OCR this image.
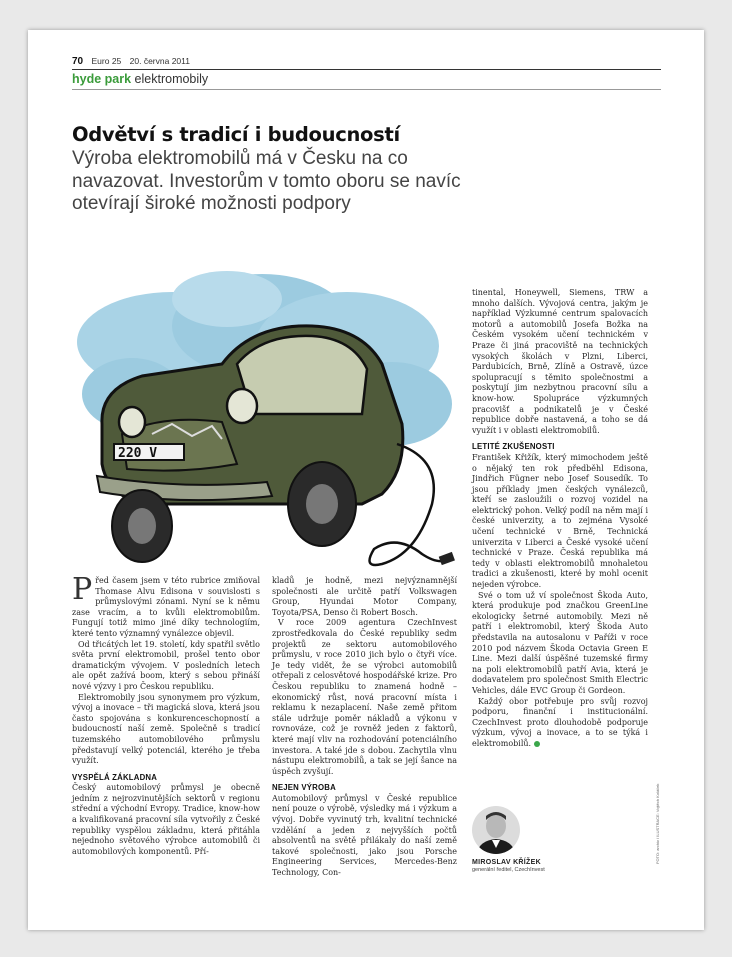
70 Euro 25 20. června 2011
hyde park elektromobily
Odvětví s tradicí i budoucností
Výroba elektromobilů má v Česku na co navazovat. Investorům v tomto oboru se navíc otevírají široké možnosti podpory
220 V

Před časem jsem v této rubrice zmiňoval Thomase Alvu Edisona v souvislosti s průmyslovými zónami. Nyní se k němu zase vracím, a to kvůli elektromobilům. Fungují totiž mimo jiné díky technologiím, které tento významný vynálezce objevil.

Od třicátých let 19. století, kdy spatřil světlo světa první elektromobil, prošel tento obor dramatickým vývojem. V posledních letech ale opět zažívá boom, který s sebou přináší nové výzvy i pro Českou republiku.

Elektromobily jsou synonymem pro výzkum, vývoj a inovace – tři magická slova, která jsou často spojována s konkurenceschopností a budoucností naší země. Společně s tradicí tuzemského automobilového průmyslu představují velký potenciál, kterého je třeba využít.

VYSPĚLÁ ZÁKLADNA

Český automobilový průmysl je obecně jedním z nejrozvinutějších sektorů v regionu střední a východní Evropy. Tradice, know-how a kvalifikovaná pracovní síla vytvořily z České republiky vyspělou základnu, která přitáhla nejednoho světového výrobce automobilů či automobilových komponentů. Pří-

kladů je hodně, mezi nejvýznamnější společnosti ale určitě patří Volkswagen Group, Hyundai Motor Company, Toyota/PSA, Denso či Robert Bosch.

V roce 2009 agentura CzechInvest zprostředkovala do České republiky sedm projektů ze sektoru automobilového průmyslu, v roce 2010 jich bylo o čtyři více. Je tedy vidět, že se výrobci automobilů otřepali z celosvětové hospodářské krize. Pro Českou republiku to znamená hodně – ekonomický růst, nová pracovní místa i reklamu k nezaplacení. Naše země přitom stále udržuje poměr nákladů a výkonu v rovnováze, což je rovněž jeden z faktorů, které mají vliv na rozhodování potenciálního investora. A také jde s dobou. Zachytila vlnu nástupu elektromobilů, a tak se její šance na úspěch zvyšují.

NEJEN VÝROBA

Automobilový průmysl v České republice není pouze o výrobě, výsledky má i výzkum a vývoj. Dobře vyvinutý trh, kvalitní technické vzdělání a jeden z nejvyšších počtů absolventů na světě přilákaly do naší země takové společnosti, jako jsou Porsche Engineering Services, Mercedes-Benz Technology, Con-

tinental, Honeywell, Siemens, TRW a mnoho dalších. Vývojová centra, jakým je například Výzkumné centrum spalovacích motorů a automobilů Josefa Božka na Českém vysokém učení technickém v Praze či jiná pracoviště na technických vysokých školách v Plzni, Liberci, Pardubicích, Brně, Zlíně a Ostravě, úzce spolupracují s těmito společnostmi a poskytují jim nezbytnou pracovní sílu a know-how. Spolupráce výzkumných pracovišť a podnikatelů je v České republice dobře nastavená, a toho se dá využít i v oblasti elektromobilů.

LETITÉ ZKUŠENOSTI

František Křižík, který mimochodem ještě o nějaký ten rok předběhl Edisona, Jindřich Fügner nebo Josef Sousedík. To jsou příklady jmen českých vynálezců, kteří se zasloužili o rozvoj vozidel na elektrický pohon. Velký podíl na něm mají i české univerzity, a to zejména Vysoké učení technické v Brně, Technická univerzita v Liberci a České vysoké učení technické v Praze. Česká republika má tedy v oblasti elektromobilů mnohaletou tradici a zkušenosti, které by mohl ocenit nejeden výrobce.

Své o tom už ví společnost Škoda Auto, která produkuje pod značkou GreenLine ekologicky šetrné automobily. Mezi ně patří i elektromobil, který Škoda Auto představila na autosalonu v Paříži v roce 2010 pod názvem Škoda Octavia Green E Line. Mezi další úspěšné tuzemské firmy na poli elektromobilů patří Avia, která je dodavatelem pro společnost Smith Electric Vehicles, dále EVC Group či Gordeon.

Každý obor potřebuje pro svůj rozvoj podporu, finanční i institucionální. CzechInvest proto dlouhodobě podporuje výzkum, vývoj a inovace, a to se týká i elektromobilů.

MIROSLAV KŘÍŽEK
generální ředitel, CzechInvest
FOTO: archiv / ILUSTRACE: Vojtěch Koláček
